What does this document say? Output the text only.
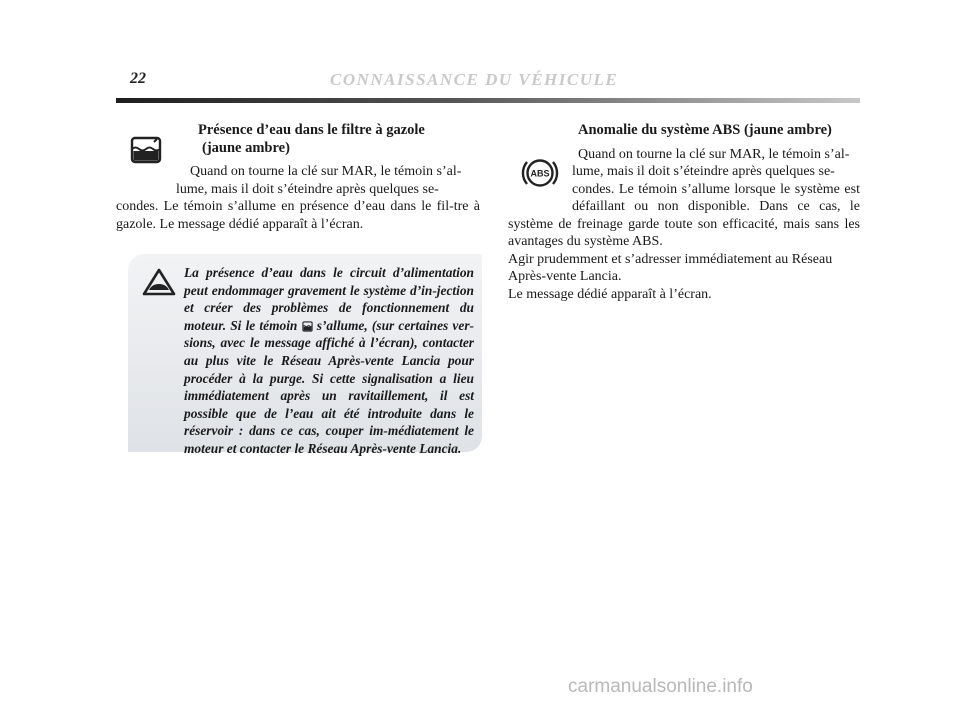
22	CONNAISSANCE DU VÉHICULE
Présence d’eau dans le filtre à gazole
(jaune ambre)

Quand on tourne la clé sur MAR, le témoin s’al-
lume, mais il doit s’éteindre après quelques se-
condes. Le témoin s’allume en présence d’eau dans le fil-tre à gazole. Le message dédié apparaît à l’écran.

La présence d’eau dans le circuit d’alimentation peut endommager gravement le système d’in-jection et créer des problèmes de fonctionnement du moteur. Si le témoin  s’allume, (sur certaines ver-sions, avec le message affiché à l’écran), contacter au plus vite le Réseau Après-vente Lancia pour procéder à la purge. Si cette signalisation a lieu immédiatement après un ravitaillement, il est possible que de l’eau ait été introduite dans le réservoir : dans ce cas, couper im-médiatement le moteur et contacter le Réseau Après-vente Lancia.
ABS
Anomalie du système ABS (jaune ambre)

Quand on tourne la clé sur MAR, le témoin s’al-
lume, mais il doit s’éteindre après quelques se-
condes. Le témoin s’allume lorsque le système est défaillant ou non disponible. Dans ce cas, le système de freinage garde toute son efficacité, mais sans les avantages du système ABS.

Agir prudemment et s’adresser immédiatement au Réseau Après-vente Lancia.

Le message dédié apparaît à l’écran.

carmanualsonline.info
